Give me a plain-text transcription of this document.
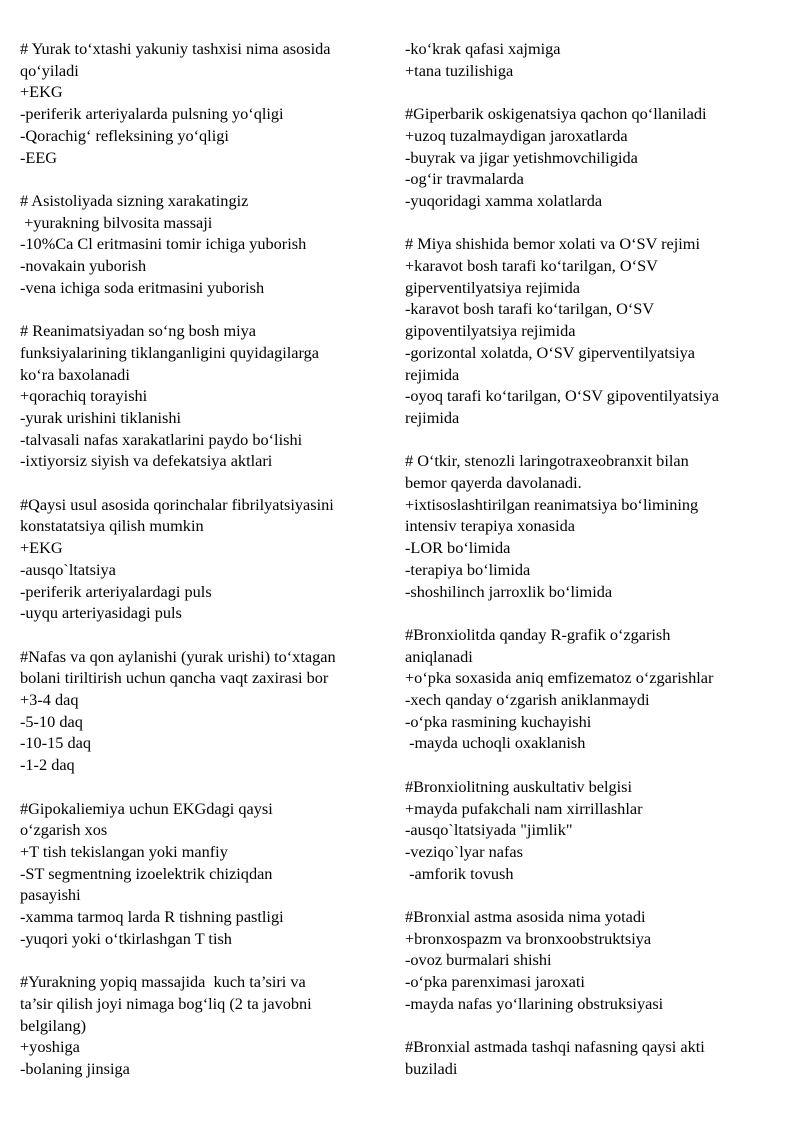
# Yurak to‘xtashi yakuniy tashxisi nima asosida
qo‘yiladi
+EKG
-periferik arteriyalarda pulsning yo‘qligi
-Qorachig‘ refleksining yo‘qligi
-EEG
# Asistoliyada sizning xarakatingiz
+yurakning bilvosita massaji
-10%Ca Cl eritmasini tomir ichiga yuborish
-novakain yuborish
-vena ichiga soda eritmasini yuborish
# Reanimatsiyadan so‘ng bosh miya
funksiyalarining tiklanganligini quyidagilarga
ko‘ra baxolanadi
+qorachiq torayishi
-yurak urishini tiklanishi
-talvasali nafas xarakatlarini paydo bo‘lishi
-ixtiyorsiz siyish va defekatsiya aktlari
#Qaysi usul asosida qorinchalar fibrilyatsiyasini
konstatatsiya qilish mumkin
+EKG
-ausqo`ltatsiya
-periferik arteriyalardagi puls
-uyqu arteriyasidagi puls
#Nafas va qon aylanishi (yurak urishi) to‘xtagan
bolani tiriltirish uchun qancha vaqt zaxirasi bor
+3-4 daq
-5-10 daq
-10-15 daq
-1-2 daq
#Gipokaliemiya uchun EKGdagi qaysi
o‘zgarish xos
+T tish tekislangan yoki manfiy
-ST segmentning izoelektrik chiziqdan
pasayishi
-xamma tarmoq larda R tishning pastligi
-yuqori yoki o‘tkirlashgan T tish
#Yurakning yopiq massajida  kuch ta’siri va
ta’sir qilish joyi nimaga bog‘liq (2 ta javobni
belgilang)
+yoshiga
-bolaning jinsiga
-ko‘krak qafasi xajmiga
+tana tuzilishiga
#Giperbarik oskigenatsiya qachon qo‘llaniladi
+uzoq tuzalmaydigan jaroxatlarda
-buyrak va jigar yetishmovchiligida
-og‘ir travmalarda
-yuqoridagi xamma xolatlarda
# Miya shishida bemor xolati va O‘SV rejimi
+karavot bosh tarafi ko‘tarilgan, O‘SV
giperventilyatsiya rejimida
-karavot bosh tarafi ko‘tarilgan, O‘SV
gipoventilyatsiya rejimida
-gorizontal xolatda, O‘SV giperventilyatsiya
rejimida
-oyoq tarafi ko‘tarilgan, O‘SV gipoventilyatsiya
rejimida
# O‘tkir, stenozli laringotraxeobranxit bilan
bemor qayerda davolanadi.
+ixtisoslashtirilgan reanimatsiya bo‘limining
intensiv terapiya xonasida
-LOR bo‘limida
-terapiya bo‘limida
-shoshilinch jarroxlik bo‘limida
#Bronxiolitda qanday R-grafik o‘zgarish
aniqlanadi
+o‘pka soxasida aniq emfizematoz o‘zgarishlar
-xech qanday o‘zgarish aniklanmaydi
-o‘pka rasmining kuchayishi
-mayda uchoqli oxaklanish
#Bronxiolitning auskultativ belgisi
+mayda pufakchali nam xirrillashlar
-ausqo`ltatsiyada "jimlik"
-veziqo`lyar nafas
-amforik tovush
#Bronxial astma asosida nima yotadi
+bronxospazm va bronxoobstruktsiya
-ovoz burmalari shishi
-o‘pka parenximasi jaroxati
-mayda nafas yo‘llarining obstruksiyasi
#Bronxial astmada tashqi nafasning qaysi akti
buziladi
